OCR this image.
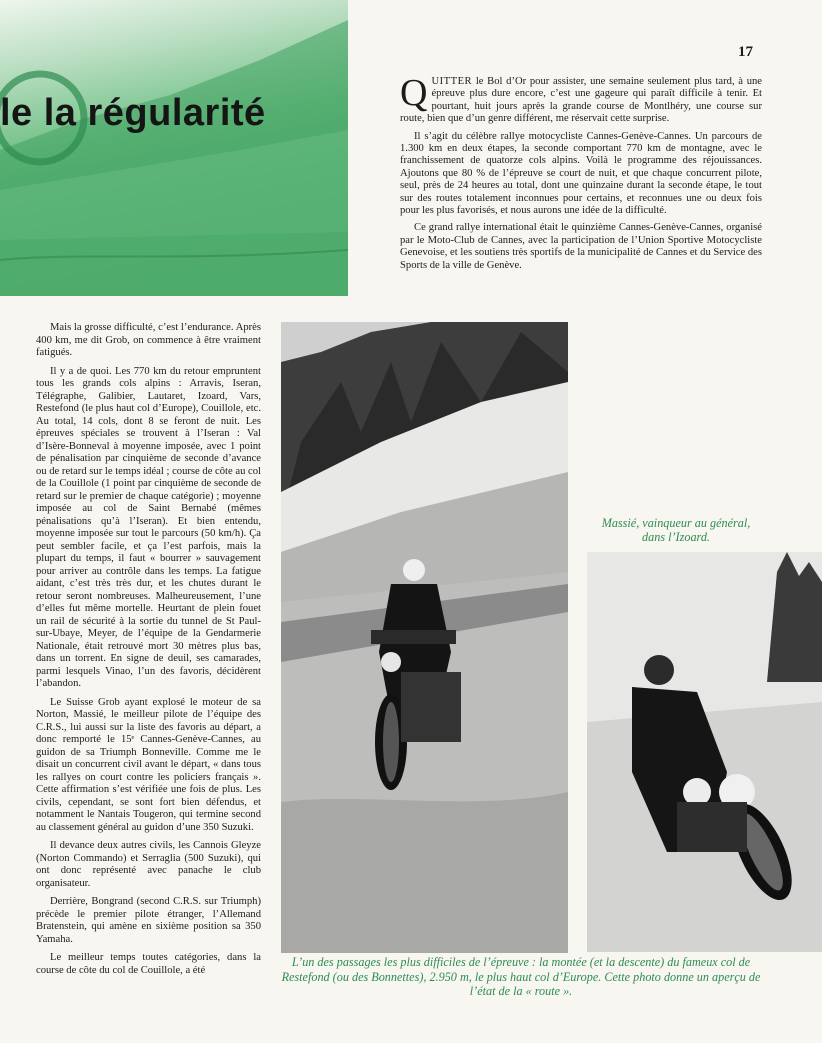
17
le la régularité	QUITTER le Bol d’Or pour assister, une semaine seulement plus tard, à une épreuve plus dure encore, c’est une gageure qui paraît difficile à tenir. Et pourtant, huit jours après la grande course de Montlhéry, une course sur route, bien que d’un genre différent, me réservait cette surprise.

Il s’agit du célèbre rallye motocycliste Cannes-Genève-Cannes. Un parcours de 1.300 km en deux étapes, la seconde comportant 770 km de montagne, avec le franchissement de quatorze cols alpins. Voilà le programme des réjouissances. Ajoutons que 80 % de l’épreuve se court de nuit, et que chaque concurrent pilote, seul, près de 24 heures au total, dont une quinzaine durant la seconde étape, le tout sur des routes totalement inconnues pour certains, et reconnues une ou deux fois pour les plus favorisés, et nous aurons une idée de la difficulté.

Ce grand rallye international était le quinzième Cannes-Genève-Cannes, organisé par le Moto-Club de Cannes, avec la participation de l’Union Sportive Motocycliste Genevoise, et les soutiens très sportifs de la municipalité de Cannes et du Service des Sports de la ville de Genève.

Mais la grosse difficulté, c’est l’endurance. Après 400 km, me dit Grob, on commence à être vraiment fatigués.

Il y a de quoi. Les 770 km du retour empruntent tous les grands cols alpins : Arravis, Iseran, Télégraphe, Galibier, Lautaret, Izoard, Vars, Restefond (le plus haut col d’Europe), Couillole, etc. Au total, 14 cols, dont 8 se feront de nuit. Les épreuves spéciales se trouvent à l’Iseran : Val d’Isère-Bonneval à moyenne imposée, avec 1 point de pénalisation par cinquième de seconde d’avance ou de retard sur le temps idéal ; course de côte au col de la Couillole (1 point par cinquième de seconde de retard sur le premier de chaque catégorie) ; moyenne imposée au col de Saint Bernabé (mêmes pénalisations qu’à l’Iseran). Et bien entendu, moyenne imposée sur tout le parcours (50 km/h). Ça peut sembler facile, et ça l’est parfois, mais la plupart du temps, il faut « bourrer » sauvagement pour arriver au contrôle dans les temps. La fatigue aidant, c’est très très dur, et les chutes durant le retour seront nombreuses. Malheureusement, l’une d’elles fut même mortelle. Heurtant de plein fouet un rail de sécurité à la sortie du tunnel de St Paul-sur-Ubaye, Meyer, de l’équipe de la Gendarmerie Nationale, était retrouvé mort 30 mètres plus bas, dans un torrent. En signe de deuil, ses camarades, parmi lesquels Vinao, l’un des favoris, décidèrent l’abandon.

Le Suisse Grob ayant explosé le moteur de sa Norton, Massié, le meilleur pilote de l’équipe des C.R.S., lui aussi sur la liste des favoris au départ, a donc remporté le 15ᵉ Cannes-Genève-Cannes, au guidon de sa Triumph Bonneville. Comme me le disait un concurrent civil avant le départ, « dans tous les rallyes on court contre les policiers français ». Cette affirmation s’est vérifiée une fois de plus. Les civils, cependant, se sont fort bien défendus, et notamment le Nantais Tougeron, qui termine second au classement général au guidon d’une 350 Suzuki.

Il devance deux autres civils, les Cannois Gleyze (Norton Commando) et Serraglia (500 Suzuki), qui ont donc représenté avec panache le club organisateur.

Derrière, Bongrand (second C.R.S. sur Triumph) précède le premier pilote étranger, l’Allemand Bratenstein, qui amène en sixième position sa 350 Yamaha.

Le meilleur temps toutes catégories, dans la course de côte du col de Couillole, a été

Massié, vainqueur au général, dans l’Izoard.
L’un des passages les plus difficiles de l’épreuve : la montée (et la descente) du fameux col de Restefond (ou des Bonnettes), 2.950 m, le plus haut col d’Europe. Cette photo donne un aperçu de l’état de la « route ».
